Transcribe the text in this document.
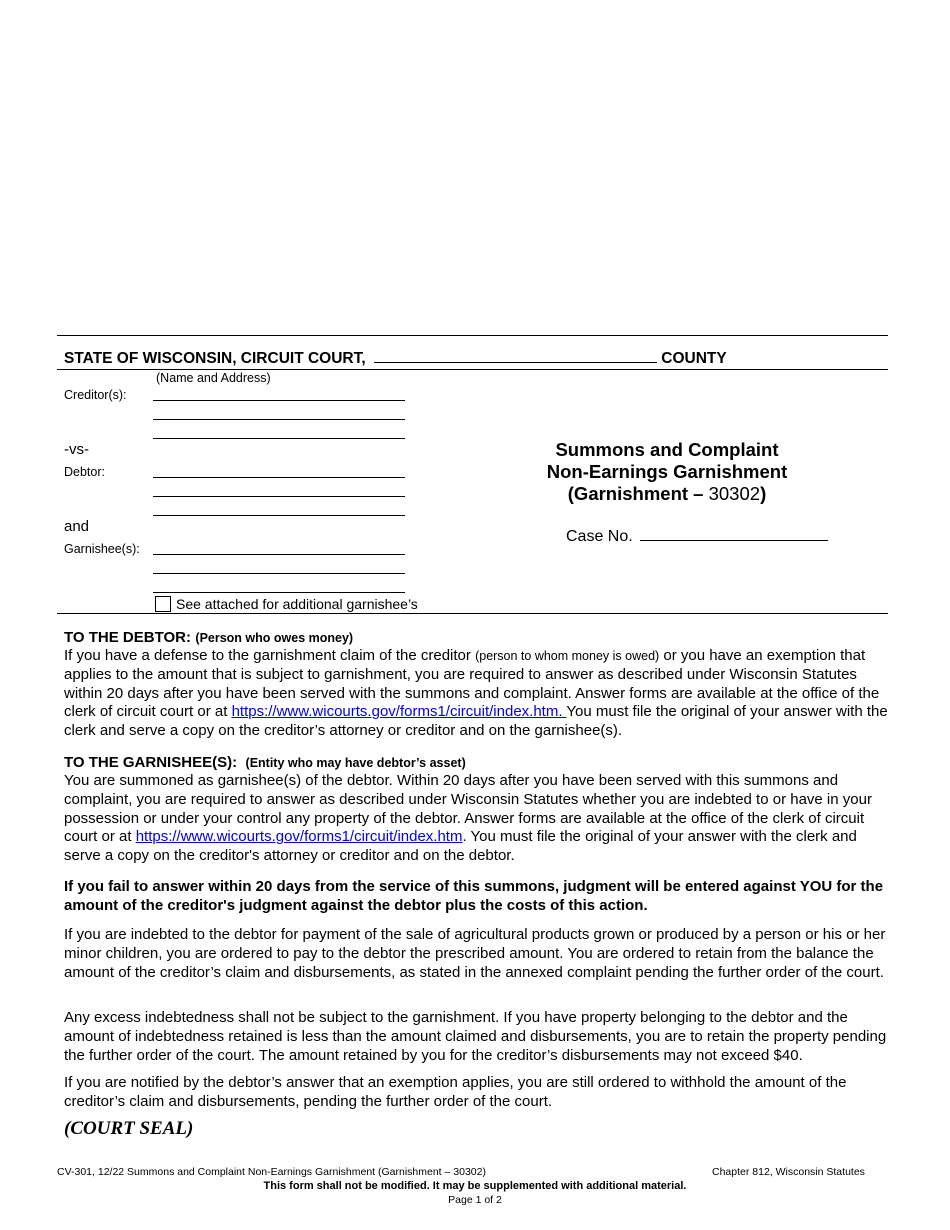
STATE OF WISCONSIN, CIRCUIT COURT,	COUNTY
(Name and Address)
Creditor(s):
-vs-
Debtor:
and
Garnishee(s):
See attached for additional garnishee’s
Summons and Complaint
Non-Earnings Garnishment
(Garnishment – 30302)
Case No.
TO THE DEBTOR: (Person who owes money)
If you have a defense to the garnishment claim of the creditor (person to whom money is owed) or you have an exemption that applies to the amount that is subject to garnishment, you are required to answer as described under Wisconsin Statutes within 20 days after you have been served with the summons and complaint. Answer forms are available at the office of the clerk of circuit court or at https://www.wicourts.gov/forms1/circuit/index.htm. You must file the original of your answer with the clerk and serve a copy on the creditor’s attorney or creditor and on the garnishee(s).
TO THE GARNISHEE(S): (Entity who may have debtor’s asset)
You are summoned as garnishee(s) of the debtor. Within 20 days after you have been served with this summons and complaint, you are required to answer as described under Wisconsin Statutes whether you are indebted to or have in your possession or under your control any property of the debtor. Answer forms are available at the office of the clerk of circuit court or at https://www.wicourts.gov/forms1/circuit/index.htm. You must file the original of your answer with the clerk and serve a copy on the creditor's attorney or creditor and on the debtor.
If you fail to answer within 20 days from the service of this summons, judgment will be entered against YOU for the amount of the creditor's judgment against the debtor plus the costs of this action.
If you are indebted to the debtor for payment of the sale of agricultural products grown or produced by a person or his or her minor children, you are ordered to pay to the debtor the prescribed amount. You are ordered to retain from the balance the amount of the creditor’s claim and disbursements, as stated in the annexed complaint pending the further order of the court.
Any excess indebtedness shall not be subject to the garnishment. If you have property belonging to the debtor and the amount of indebtedness retained is less than the amount claimed and disbursements, you are to retain the property pending the further order of the court. The amount retained by you for the creditor’s disbursements may not exceed $40.
If you are notified by the debtor’s answer that an exemption applies, you are still ordered to withhold the amount of the creditor’s claim and disbursements, pending the further order of the court.
(COURT SEAL)
CV-301, 12/22 Summons and Complaint Non-Earnings Garnishment (Garnishment – 30302)	Chapter 812, Wisconsin Statutes
This form shall not be modified. It may be supplemented with additional material.
Page 1 of 2
